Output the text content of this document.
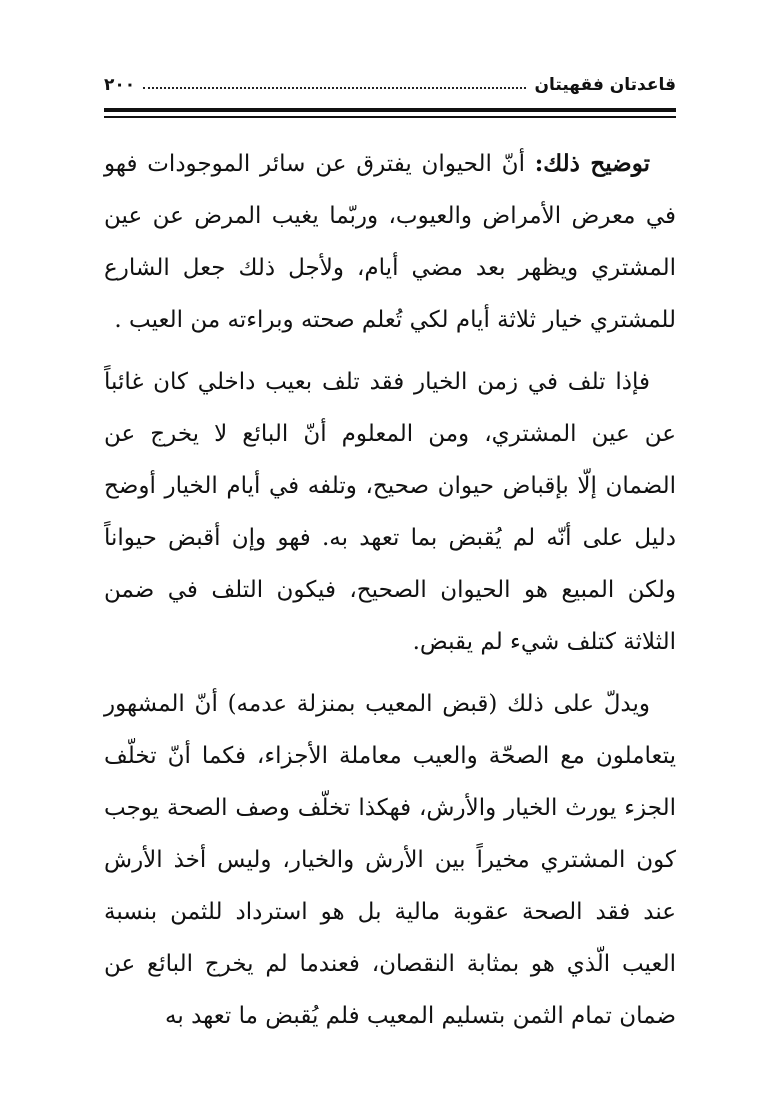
قاعدتان فقهيتان
٢٠٠

توضيح ذلك: أنّ الحيوان يفترق عن سائر الموجودات فهو في معرض الأمراض والعيوب، وربّما يغيب المرض عن عين المشتري ويظهر بعد مضي أيام، ولأجل ذلك جعل الشارع للمشتري خيار ثلاثة أيام لكي تُعلم صحته وبراءته من العيب .

فإذا تلف في زمن الخيار فقد تلف بعيب داخلي كان غائباً عن عين المشتري، ومن المعلوم أنّ البائع لا يخرج عن الضمان إلّا بإقباض حيوان صحيح، وتلفه في أيام الخيار أوضح دليل على أنّه لم يُقبض بما تعهد به. فهو وإن أقبض حيواناً ولكن المبيع هو الحيوان الصحيح، فيكون التلف في ضمن الثلاثة كتلف شيء لم يقبض.

ويدلّ على ذلك (قبض المعيب بمنزلة عدمه) أنّ المشهور يتعاملون مع الصحّة والعيب معاملة الأجزاء، فكما أنّ تخلّف الجزء يورث الخيار والأرش، فهكذا تخلّف وصف الصحة يوجب كون المشتري مخيراً بين الأرش والخيار، وليس أخذ الأرش عند فقد الصحة عقوبة مالية بل هو استرداد للثمن بنسبة العيب الّذي هو بمثابة النقصان، فعندما لم يخرج البائع عن ضمان تمام الثمن بتسليم المعيب فلم يُقبض ما تعهد به
